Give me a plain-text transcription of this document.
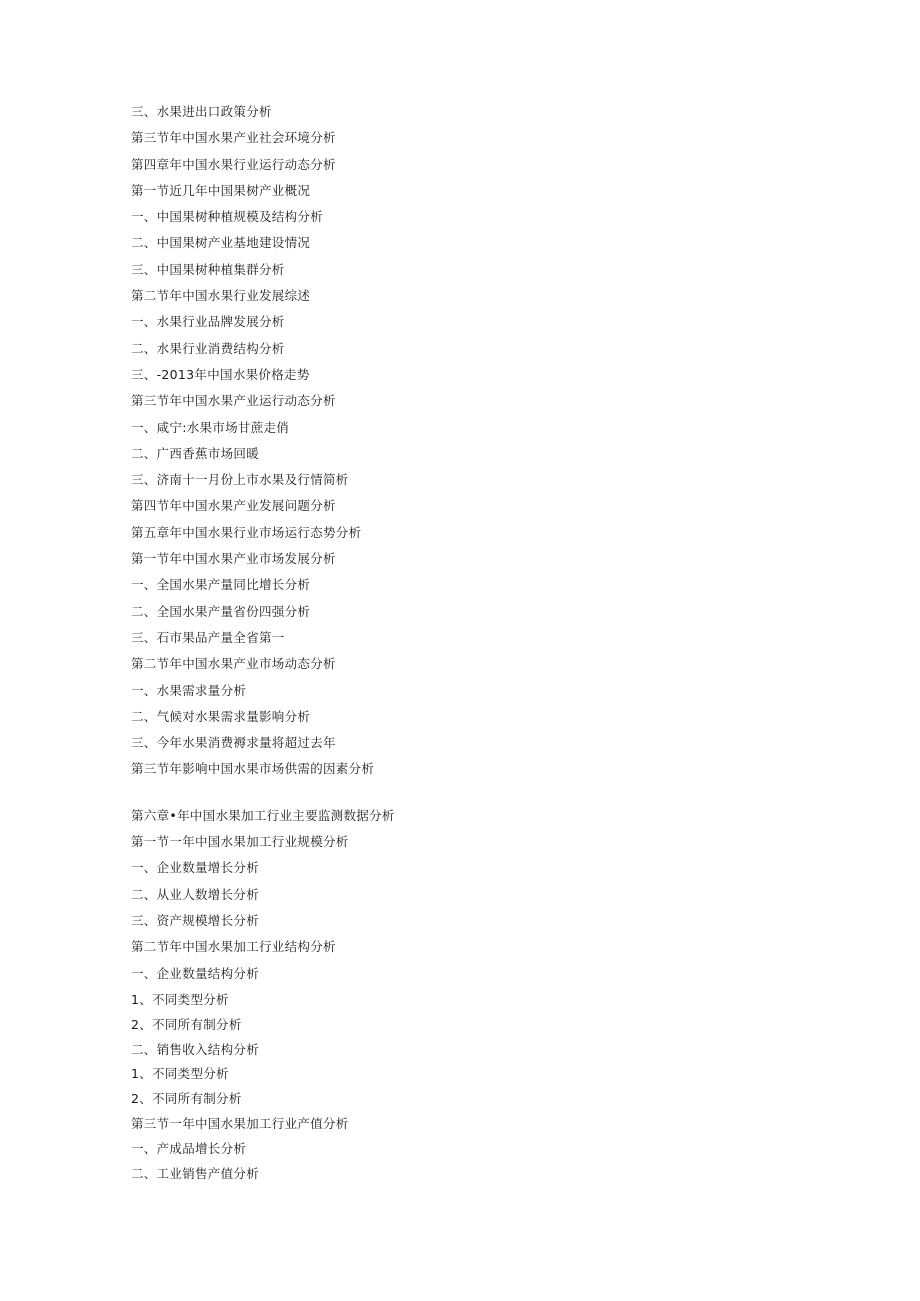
三、水果进出口政策分析
第三节年中国水果产业社会环境分析
第四章年中国水果行业运行动态分析
第一节近几年中国果树产业概况
一、中国果树种植规模及结构分析
二、中国果树产业基地建设情况
三、中国果树种植集群分析
第二节年中国水果行业发展综述
一、水果行业品牌发展分析
二、水果行业消费结构分析
三、-2013年中国水果价格走势
第三节年中国水果产业运行动态分析
一、咸宁:水果市场甘蔗走俏
二、广西香蕉市场回暖
三、济南十一月份上市水果及行情简析
第四节年中国水果产业发展问题分析
第五章年中国水果行业市场运行态势分析
第一节年中国水果产业市场发展分析
一、全国水果产量同比增长分析
二、全国水果产量省份四强分析
三、石市果品产量全省第一
第二节年中国水果产业市场动态分析
一、水果需求量分析
二、气候对水果需求量影响分析
三、今年水果消费褥求量将超过去年
第三节年影响中国水果市场供需的因素分析
第六章•年中国水果加工行业主要监测数据分析
第一节一年中国水果加工行业规模分析
一、企业数量增长分析
二、从业人数增长分析
三、资产规模增长分析
第二节年中国水果加工行业结构分析
一、企业数量结构分析
1、不同类型分析
2、不同所有制分析
二、销售收入结构分析
1、不同类型分析
2、不同所有制分析
第三节一年中国水果加工行业产值分析
一、产成品增长分析
二、工业销售产值分析
